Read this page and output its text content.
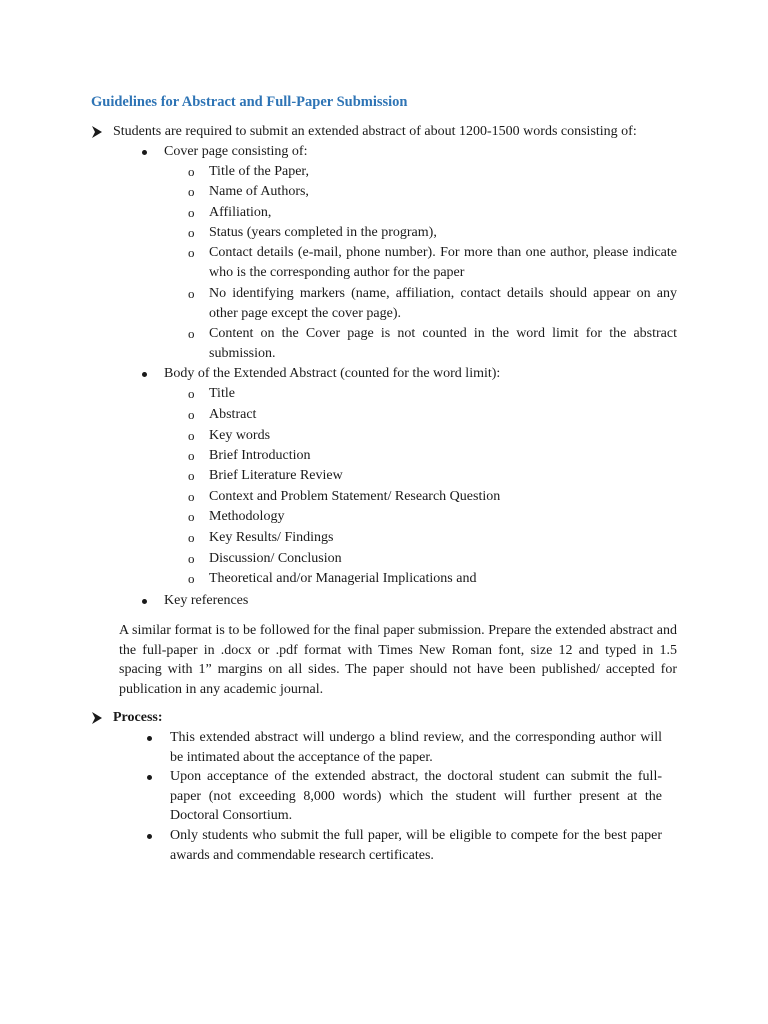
Guidelines for Abstract and Full-Paper Submission
Students are required to submit an extended abstract of about 1200-1500 words consisting of:
Cover page consisting of:
o Title of the Paper,
o Name of Authors,
o Affiliation,
o Status (years completed in the program),
o Contact details (e-mail, phone number). For more than one author, please indicate who is the corresponding author for the paper
o No identifying markers (name, affiliation, contact details should appear on any other page except the cover page).
o Content on the Cover page is not counted in the word limit for the abstract submission.
Body of the Extended Abstract (counted for the word limit):
o Title
o Abstract
o Key words
o Brief Introduction
o Brief Literature Review
o Context and Problem Statement/ Research Question
o Methodology
o Key Results/ Findings
o Discussion/ Conclusion
o Theoretical and/or Managerial Implications and
Key references
A similar format is to be followed for the final paper submission. Prepare the extended abstract and the full-paper in .docx or .pdf format with Times New Roman font, size 12 and typed in 1.5 spacing with 1” margins on all sides. The paper should not have been published/ accepted for publication in any academic journal.
Process:
This extended abstract will undergo a blind review, and the corresponding author will be intimated about the acceptance of the paper.
Upon acceptance of the extended abstract, the doctoral student can submit the full-paper (not exceeding 8,000 words) which the student will further present at the Doctoral Consortium.
Only students who submit the full paper, will be eligible to compete for the best paper awards and commendable research certificates.
